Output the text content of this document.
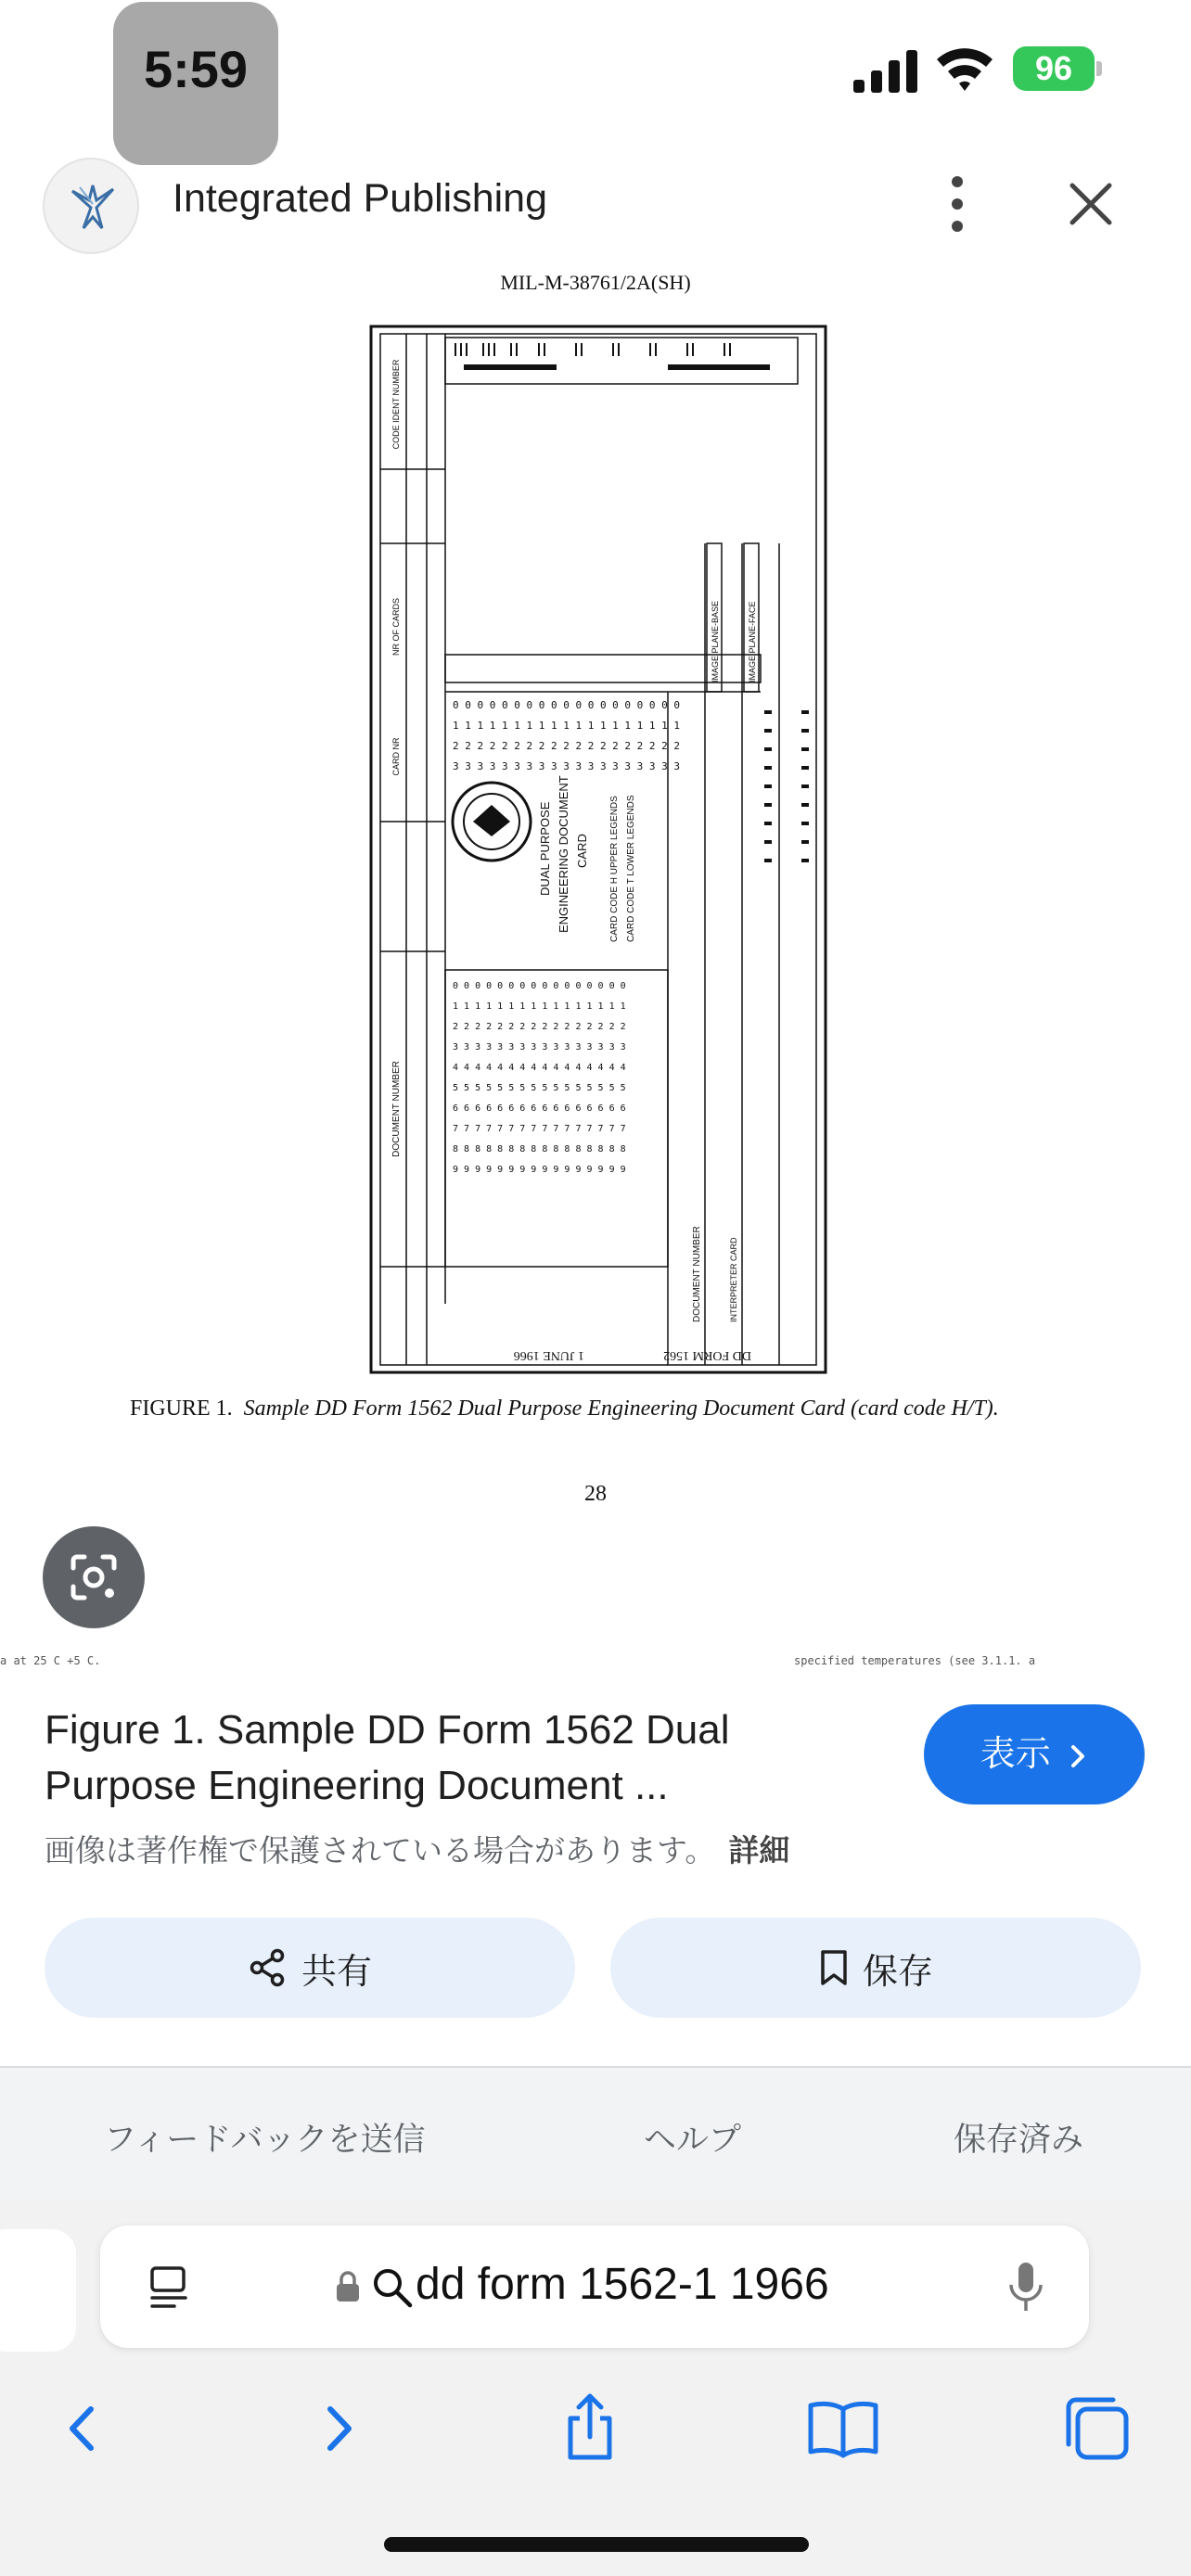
5:59	96
Integrated Publishing
MIL-M-38761/2A(SH)
CODE IDENT NUMBER
NR OF CARDS
CARD NR
DOCUMENT NUMBER
0 0 0 0 0 0 0 0 0 0 0 0 0 0 0 0 0 0 0
1 1 1 1 1 1 1 1 1 1 1 1 1 1 1 1 1 1 1
2 2 2 2 2 2 2 2 2 2 2 2 2 2 2 2 2 2 2
3 3 3 3 3 3 3 3 3 3 3 3 3 3 3 3 3 3 3
DUAL PURPOSE ENGINEERING DOCUMENT CARD CARD CODE H UPPER LEGENDS CARD CODE T LOWER LEGENDS
0 0 0 0 0 0 0 0 0 0 0 0 0 0 0 0
1 1 1 1 1 1 1 1 1 1 1 1 1 1 1 1
2 2 2 2 2 2 2 2 2 2 2 2 2 2 2 2
3 3 3 3 3 3 3 3 3 3 3 3 3 3 3 3
4 4 4 4 4 4 4 4 4 4 4 4 4 4 4 4
5 5 5 5 5 5 5 5 5 5 5 5 5 5 5 5
6 6 6 6 6 6 6 6 6 6 6 6 6 6 6 6
7 7 7 7 7 7 7 7 7 7 7 7 7 7 7 7
8 8 8 8 8 8 8 8 8 8 8 8 8 8 8 8
9 9 9 9 9 9 9 9 9 9 9 9 9 9 9 9
IMAGE PLANE-BASE	IMAGE PLANE-FACE
DOCUMENT NUMBER	INTERPRETER CARD
1 JUNE 1966	DD FORM 1562
FIGURE 1. Sample DD Form 1562 Dual Purpose Engineering Document Card (card code H/T).
28
a at 25 C +5 C.	specified temperatures (see 3.1.1. a
Figure 1. Sample DD Form 1562 Dual
Purpose Engineering Document ...
表示
画像は著作権で保護されている場合があります。 詳細
共有	保存
フィードバックを送信	ヘルプ	保存済み
dd form 1562-1 1966
